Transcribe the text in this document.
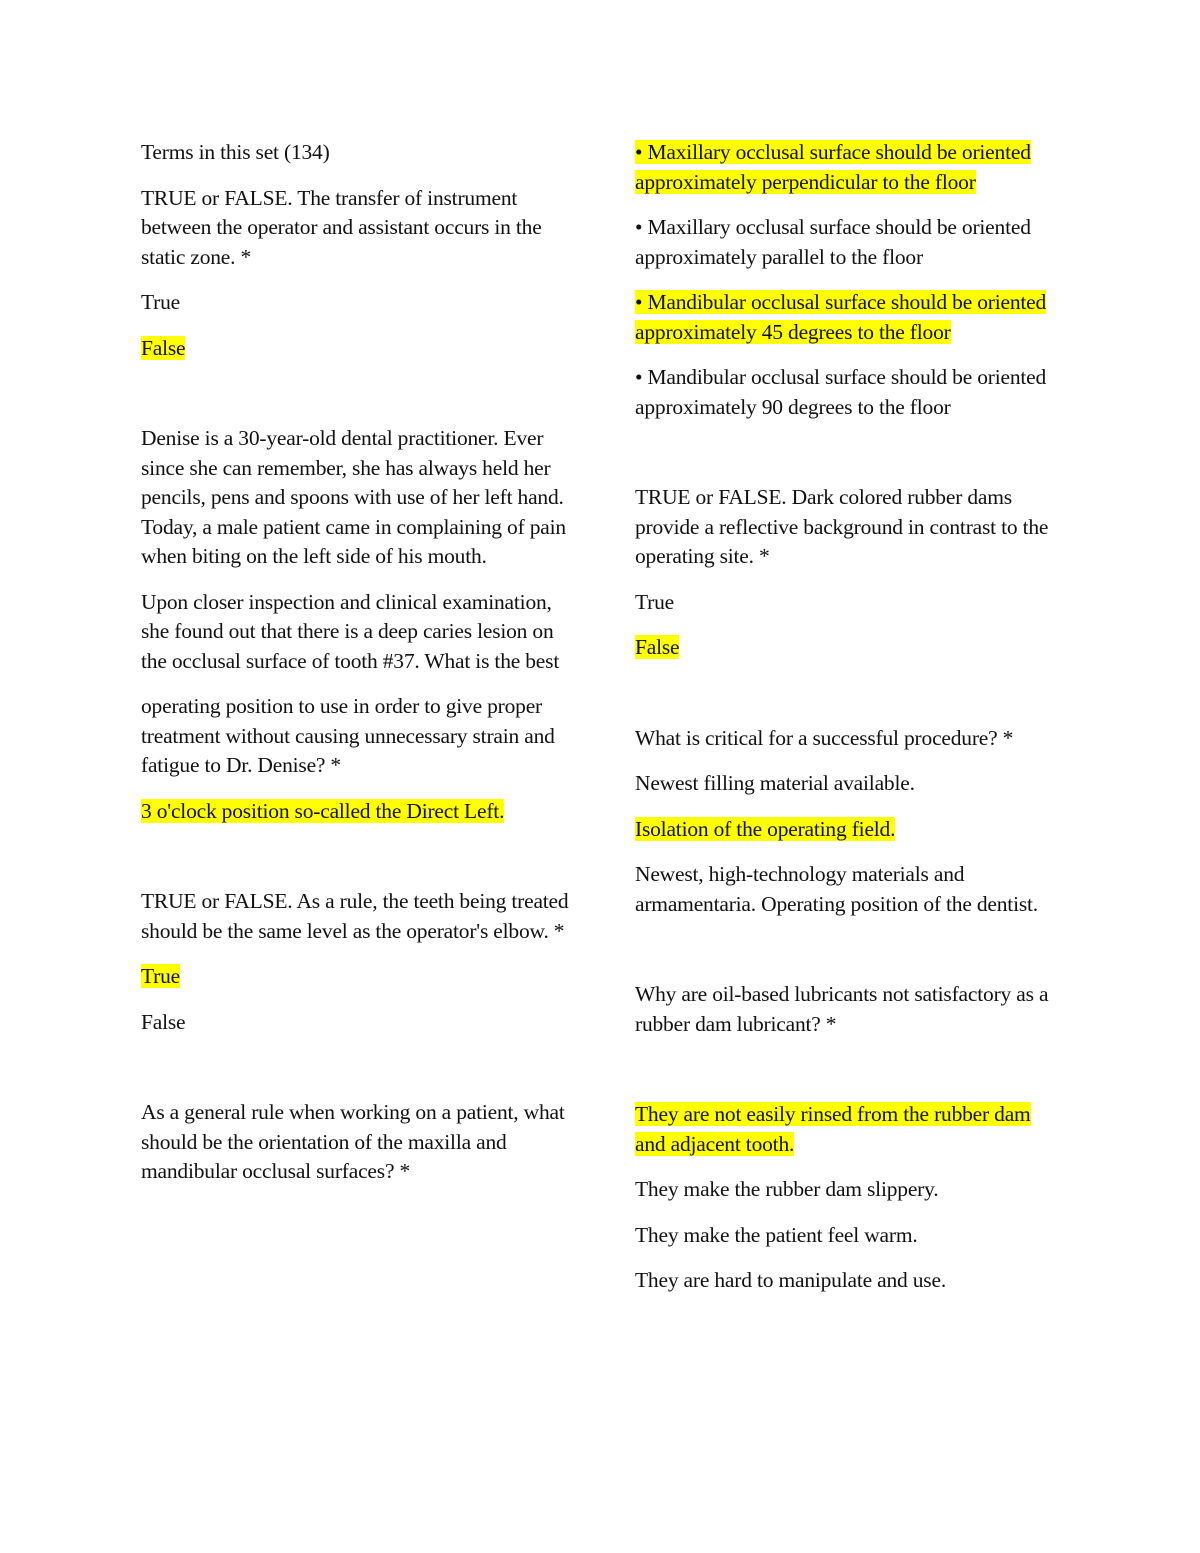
Terms in this set (134)

TRUE or FALSE. The transfer of instrument between the operator and assistant occurs in the static zone. *

True

False

Denise is a 30-year-old dental practitioner. Ever since she can remember, she has always held her pencils, pens and spoons with use of her left hand. Today, a male patient came in complaining of pain when biting on the left side of his mouth.

Upon closer inspection and clinical examination, she found out that there is a deep caries lesion on the occlusal surface of tooth #37. What is the best

operating position to use in order to give proper treatment without causing unnecessary strain and fatigue to Dr. Denise? *

3 o'clock position so-called the Direct Left.

TRUE or FALSE. As a rule, the teeth being treated should be the same level as the operator's elbow. *

True

False

As a general rule when working on a patient, what should be the orientation of the maxilla and mandibular occlusal surfaces? *

• Maxillary occlusal surface should be oriented approximately perpendicular to the floor

• Maxillary occlusal surface should be oriented approximately parallel to the floor

• Mandibular occlusal surface should be oriented approximately 45 degrees to the floor

• Mandibular occlusal surface should be oriented approximately 90 degrees to the floor

TRUE or FALSE. Dark colored rubber dams provide a reflective background in contrast to the operating site. *

True

False

What is critical for a successful procedure? *

Newest filling material available.

Isolation of the operating field.

Newest, high-technology materials and armamentaria. Operating position of the dentist.

Why are oil-based lubricants not satisfactory as a rubber dam lubricant? *

They are not easily rinsed from the rubber dam and adjacent tooth.

They make the rubber dam slippery.

They make the patient feel warm.

They are hard to manipulate and use.
